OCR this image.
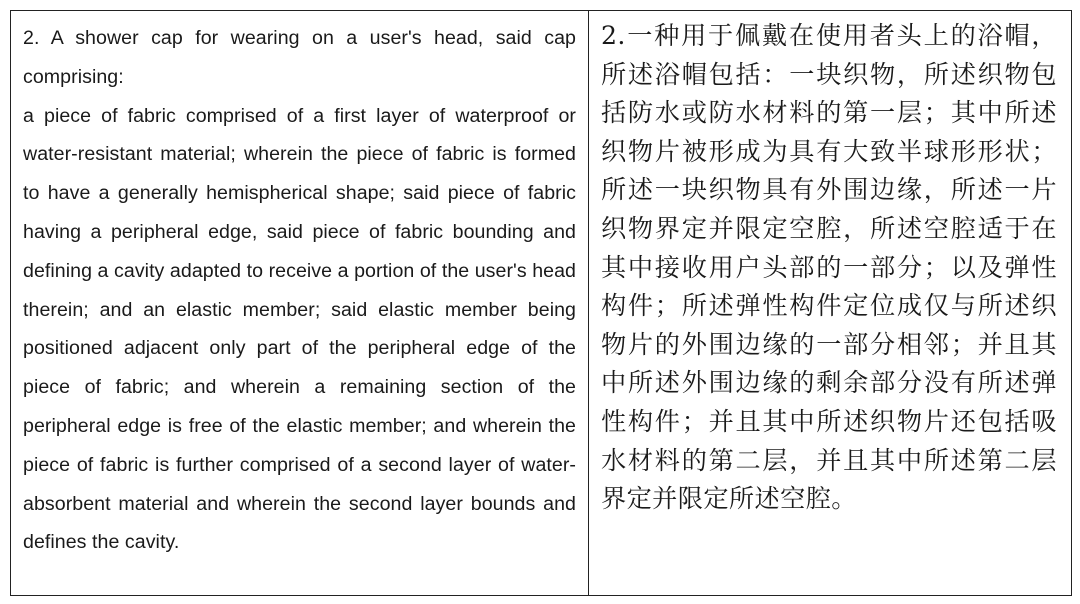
2. A shower cap for wearing on a user's head, said cap comprising:

a piece of fabric comprised of a first layer of waterproof or water-resistant material; wherein the piece of fabric is formed to have a generally hemispherical shape; said piece of fabric having a peripheral edge, said piece of fabric bounding and defining a cavity adapted to receive a portion of the user's head therein; and an elastic member; said elastic member being positioned adjacent only part of the peripheral edge of the piece of fabric; and wherein a remaining section of the peripheral edge is free of the elastic member; and wherein the piece of fabric is further comprised of a second layer of water-absorbent material and wherein the second layer bounds and defines the cavity.

2.一种用于佩戴在使用者头上的浴帽，所述浴帽包括：一块织物，所述织物包括防水或防水材料的第一层；其中所述织物片被形成为具有大致半球形形状；所述一块织物具有外围边缘，所述一片织物界定并限定空腔，所述空腔适于在其中接收用户头部的一部分；以及弹性构件；所述弹性构件定位成仅与所述织物片的外围边缘的一部分相邻；并且其中所述外围边缘的剩余部分没有所述弹性构件；并且其中所述织物片还包括吸水材料的第二层，并且其中所述第二层界定并限定所述空腔。
